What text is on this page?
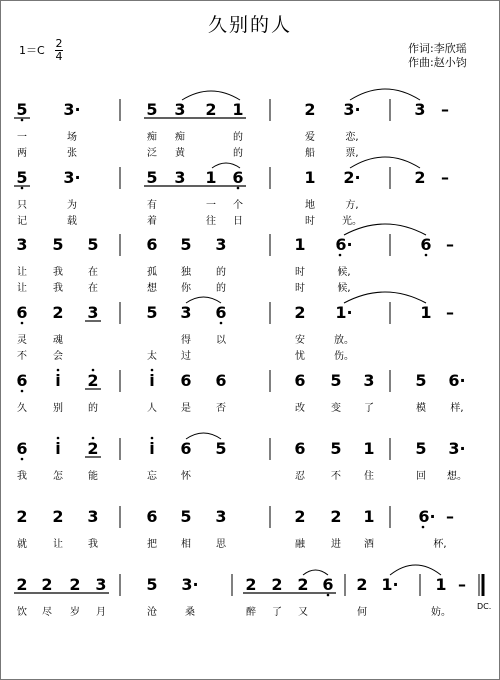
久别的人
1＝C
2
4
作词:李欣瑶
作曲:赵小钧
DC.
5 3·	5 3 2 1	2 3·	3 –
一	场	痴 痴	的	爱	恋,
两	张	泛 黄	的	船	票,
5 3·	5 3 1 6	1 2·	2 –
只	为	有	一 个	地	方,
记	载	着	往 日	时	光。
3 5 5	6 5 3	1 6·	6 –
让	我	在	孤 独	的	时	候,
让	我	在	想 你	的	时	候,
6 2 3	5 3 6	2 1·	1 –
灵	魂	得	以	安	放。
不	会	太 过	忧	伤。
6 i 2	i 6 6	6 5 3	5 6·
久	别	的	人 是	否	改	变 了	模 样,
6 i 2	i 6 5	6 5 1	5 3·
我	怎	能	忘 怀	忍	不 住	回 想。
2 2 3	6 5 3	2 2 1	6· –
就	让	我	把 相	思	融	进 酒	杯,
2 2 2 3 5 3·	2 2 2 6 2 1· 1 –
饮 尽 岁 月	沧	桑	醉 了 又	何	妨。
